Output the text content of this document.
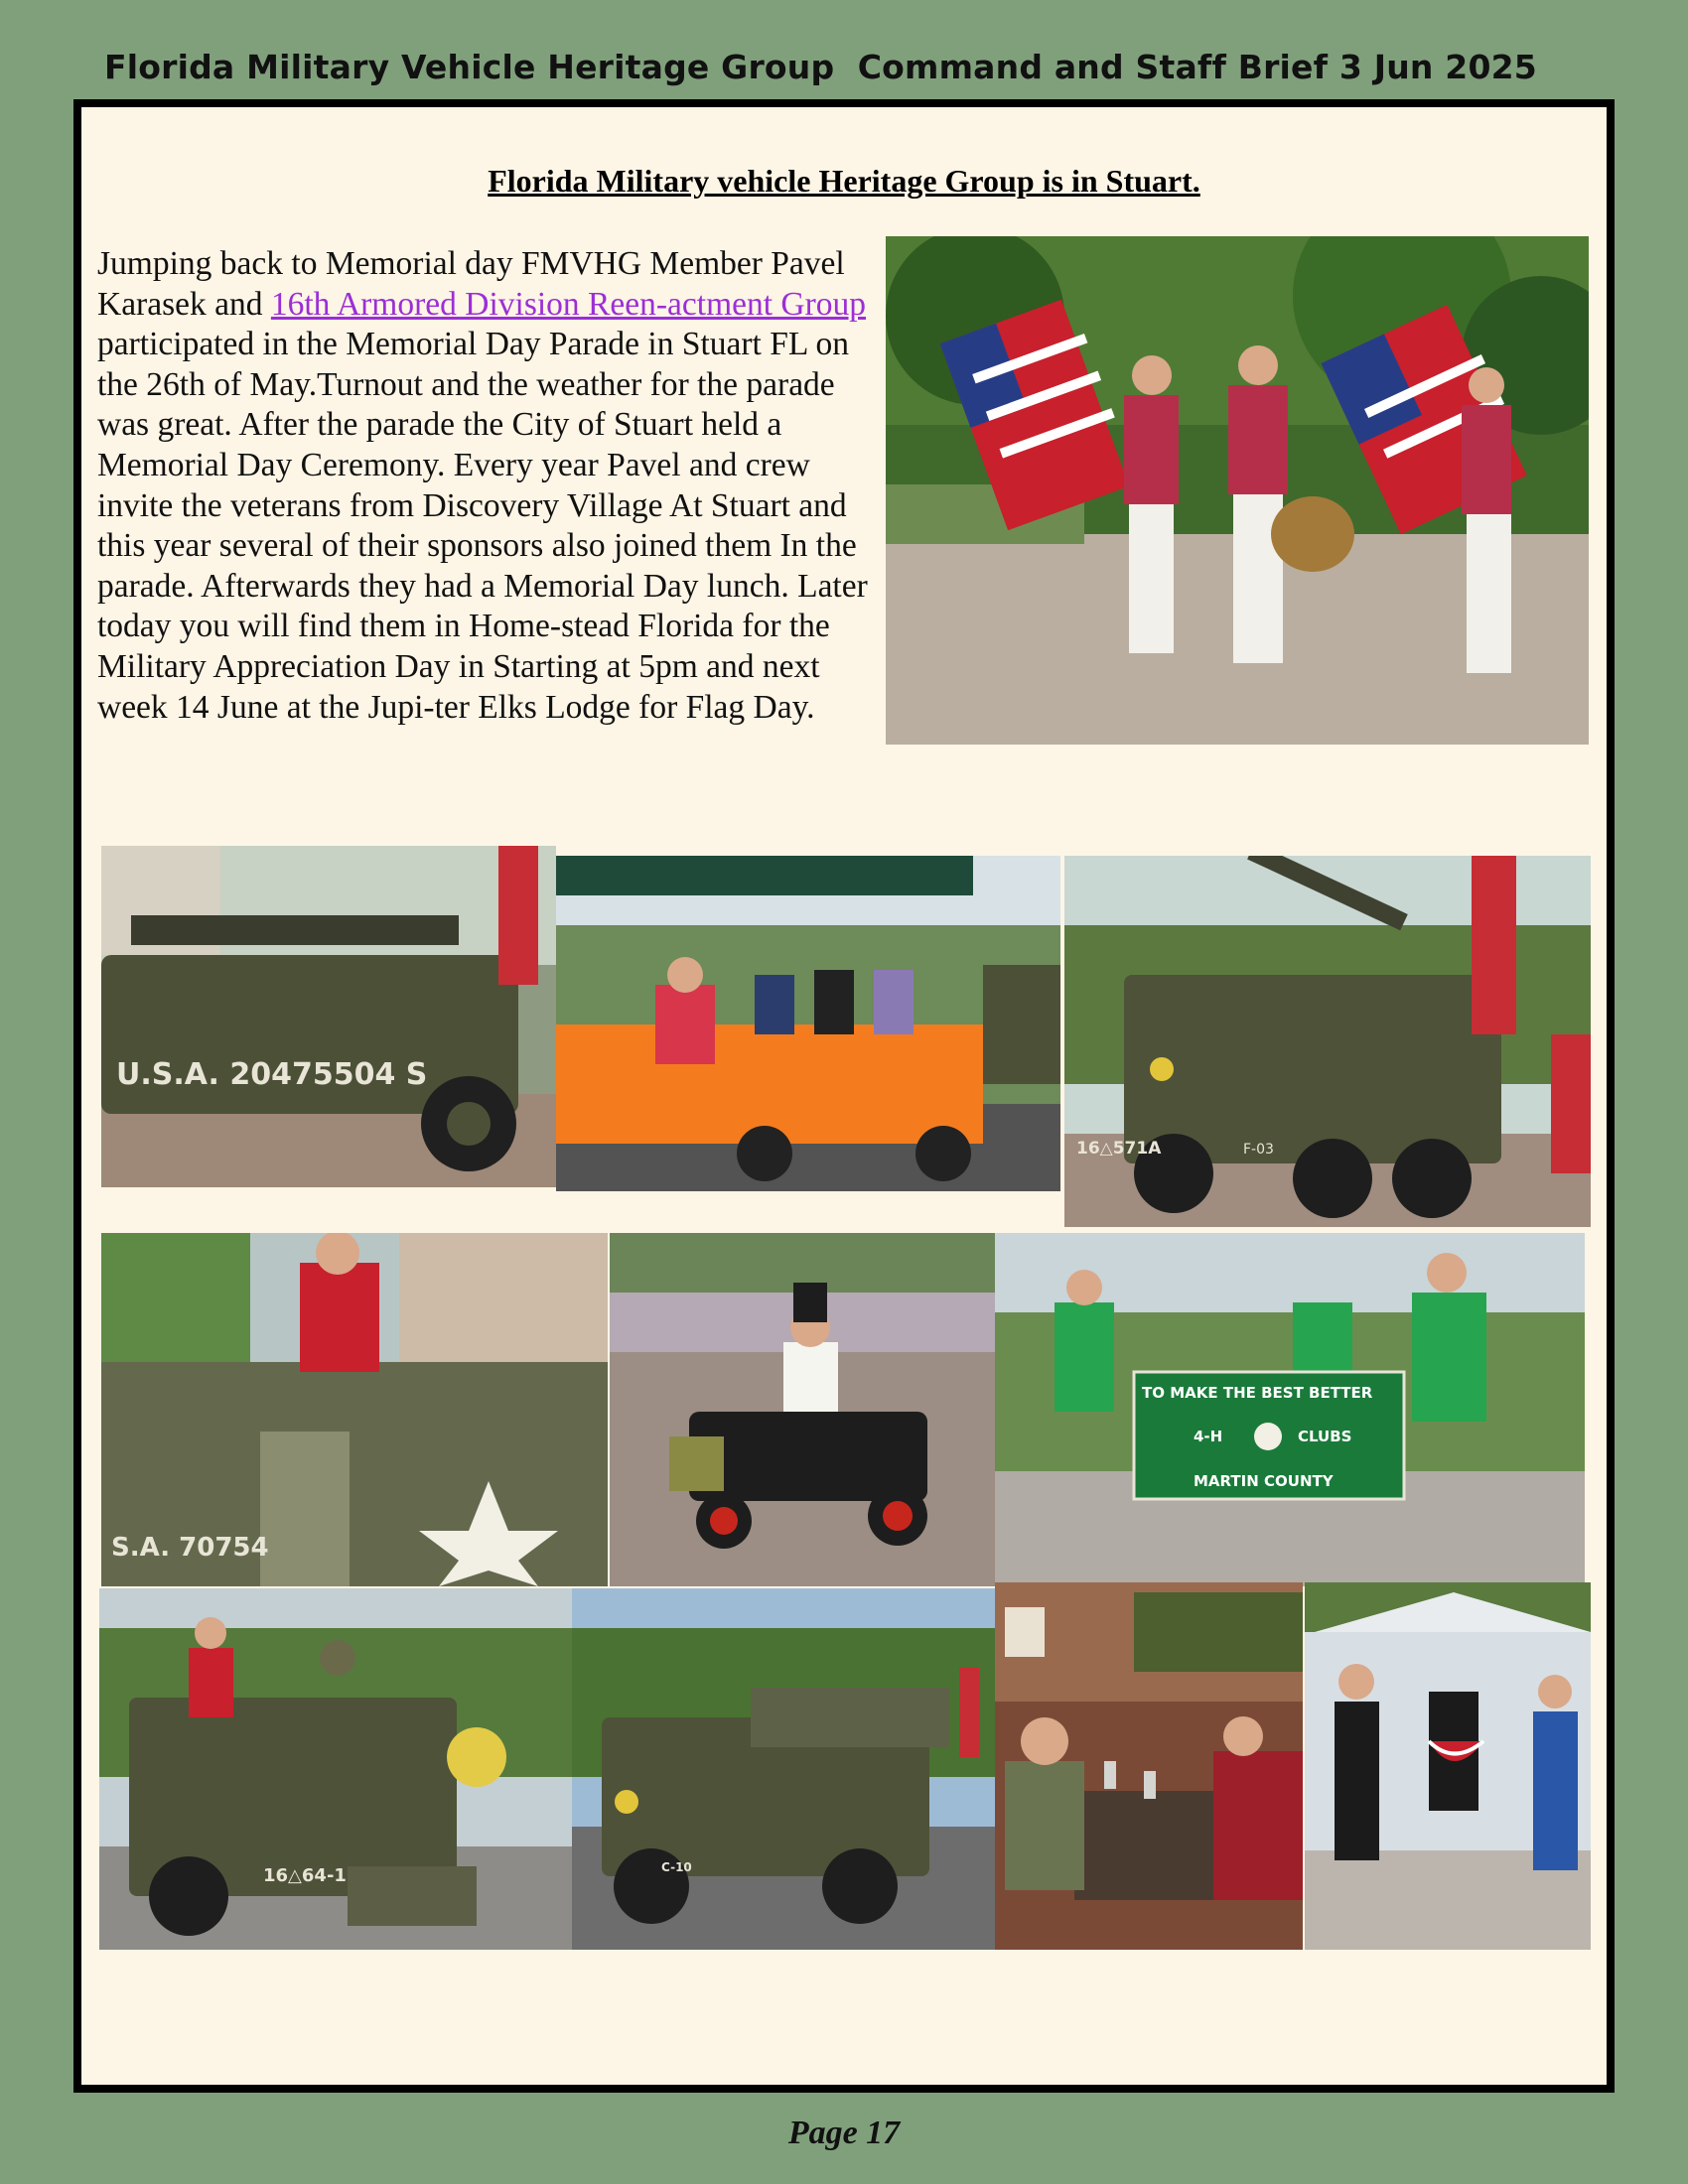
Florida Military Vehicle Heritage Group  Command and Staff Brief 3 Jun 2025
Florida Military vehicle Heritage Group is in Stuart.
Jumping back to Memorial day FMVHG Member Pavel Karasek and 16th Armored Division Reen-actment Group participated in the Memorial Day Parade in Stuart FL on the 26th of May.Turnout and the weather for the parade was great. After the parade the City of Stuart held a Memorial Day Ceremony. Every year Pavel and crew invite the veterans from Discovery Village At Stuart and this year several of their sponsors also joined them In the parade. Afterwards they had a Memorial Day lunch. Later today you will find them in Home-stead Florida for the Military Appreciation Day in Starting at 5pm and next week 14 June at the Jupi-ter Elks Lodge for Flag Day.
U.S.A. 20475504 S
16△571A	F-03
S.A. 70754
TO MAKE THE BEST BETTER
4-H	CLUBS
MARTIN COUNTY
16△64-1	C-10
Page 17
